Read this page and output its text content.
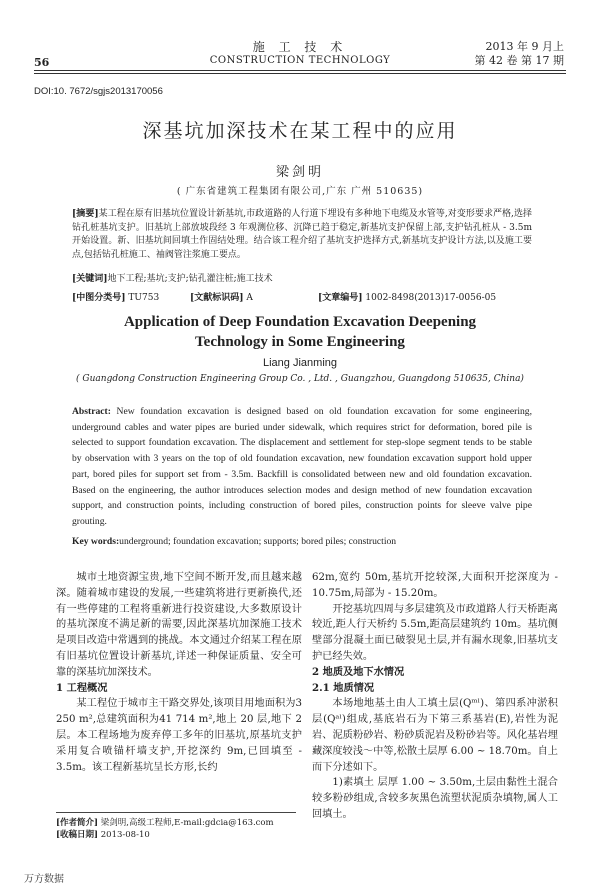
施 工 技 术
CONSTRUCTION TECHNOLOGY
56
2013 年 9 月上
第 42 卷 第 17 期
DOI:10. 7672/sgjs2013170056
深基坑加深技术在某工程中的应用
梁剑明
( 广东省建筑工程集团有限公司,广东 广州 510635)
[摘要]某工程在原有旧基坑位置设计新基坑,市政道路的人行道下埋设有多种地下电缆及水管等,对变形要求严格,选择钻孔桩基坑支护。旧基坑上部放坡段经 3 年观测位移、沉降已趋于稳定,新基坑支护保留上部,支护钻孔桩从 - 3.5m 开始设置。新、旧基坑间回填土作固结处理。结合该工程介绍了基坑支护选择方式,新基坑支护设计方法,以及施工要点,包括钻孔桩施工、袖阀管注浆施工要点。
[关键词]地下工程;基坑;支护;钻孔灌注桩;施工技术
[中图分类号] TU753	[文献标识码] A	[文章编号] 1002-8498(2013)17-0056-05
Application of Deep Foundation Excavation Deepening
Technology in Some Engineering
Liang Jianming
( Guangdong Construction Engineering Group Co. , Ltd. , Guangzhou, Guangdong 510635, China)
Abstract: New foundation excavation is designed based on old foundation excavation for some engineering, underground cables and water pipes are buried under sidewalk, which requires strict for deformation, bored pile is selected to support foundation excavation. The displacement and settlement for step-slope segment tends to be stable by observation with 3 years on the top of old foundation excavation, new foundation excavation support hold upper part, bored piles for support set from - 3.5m. Backfill is consolidated between new and old foundation excavation. Based on the engineering, the author introduces selection modes and design method of new foundation excavation support, and construction points, including construction of bored piles, construction points for sleeve valve pipe grouting.
Key words:underground; foundation excavation; supports; bored piles; construction

城市土地资源宝贵,地下空间不断开发,而且越来越深。随着城市建设的发展,一些建筑将进行更新换代,还有一些停建的工程将重新进行投资建设,大多数原设计的基坑深度不满足新的需要,因此深基坑加深施工技术是项目改造中常遇到的挑战。本文通过介绍某工程在原有旧基坑位置设计新基坑,详述一种保证质量、安全可靠的深基坑加深技术。

1 工程概况

某工程位于城市主干路交界处,该项目用地面积为3 250 m²,总建筑面积为41 714 m²,地上 20 层,地下 2 层。本工程场地为废弃停工多年的旧基坑,原基坑支护采用复合喷锚杆墙支护,开挖深约 9m,已回填至 - 3.5m。该工程新基坑呈长方形,长约

62m,宽约 50m,基坑开挖较深,大面积开挖深度为 - 10.75m,局部为 - 15.20m。

开挖基坑四周与多层建筑及市政道路人行天桥距离较近,距人行天桥约 5.5m,距高层建筑约 10m。基坑侧壁部分混凝土面已破裂见土层,并有漏水现象,旧基坑支护已经失效。

2 地质及地下水情况

2.1 地质情况

本场地地基土由人工填土层(Qᵐˡ)、第四系冲淤积层(Qᵃˡ)组成,基底岩石为下第三系基岩(E),岩性为泥岩、泥质粉砂岩、粉砂质泥岩及粉砂岩等。风化基岩埋藏深度较浅～中等,松散土层厚 6.00 ~ 18.70m。自上而下分述如下。

1)素填土 层厚 1.00 ~ 3.50m,土层由黏性土混合较多粉砂组成,含较多灰黑色流塑状泥质杂填物,属人工回填土。

[作者简介] 梁剑明,高级工程师,E-mail:gdcia@163.com
[收稿日期] 2013-08-10
万方数据
